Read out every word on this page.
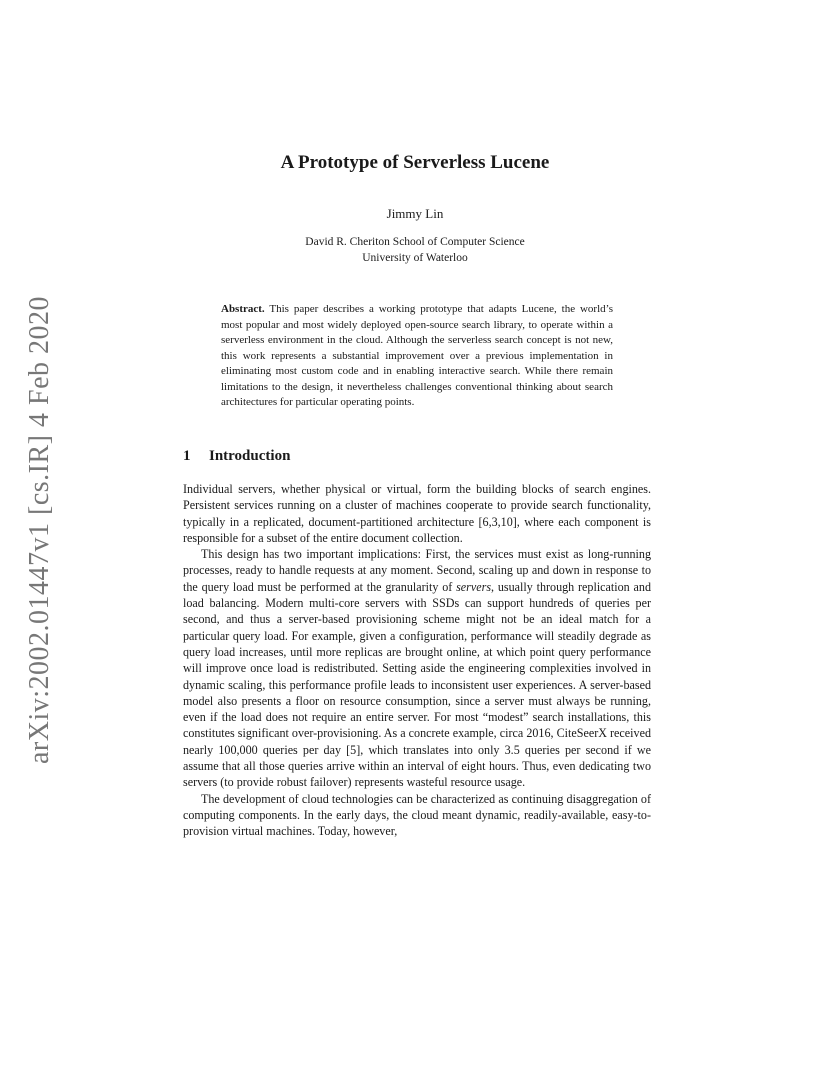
arXiv:2002.01447v1 [cs.IR] 4 Feb 2020
A Prototype of Serverless Lucene
Jimmy Lin
David R. Cheriton School of Computer Science
University of Waterloo
Abstract. This paper describes a working prototype that adapts Lucene, the world’s most popular and most widely deployed open-source search library, to operate within a serverless environment in the cloud. Although the serverless search concept is not new, this work represents a substantial improvement over a previous implementation in eliminating most custom code and in enabling interactive search. While there remain limitations to the design, it nevertheless challenges conventional thinking about search architectures for particular operating points.
1 Introduction

Individual servers, whether physical or virtual, form the building blocks of search engines. Persistent services running on a cluster of machines cooperate to provide search functionality, typically in a replicated, document-partitioned architecture [6,3,10], where each component is responsible for a subset of the entire document collection.

This design has two important implications: First, the services must exist as long-running processes, ready to handle requests at any moment. Second, scaling up and down in response to the query load must be performed at the granularity of servers, usually through replication and load balancing. Modern multi-core servers with SSDs can support hundreds of queries per second, and thus a server-based provisioning scheme might not be an ideal match for a particular query load. For example, given a configuration, performance will steadily degrade as query load increases, until more replicas are brought online, at which point query performance will improve once load is redistributed. Setting aside the engineering complexities involved in dynamic scaling, this performance profile leads to inconsistent user experiences. A server-based model also presents a floor on resource consumption, since a server must always be running, even if the load does not require an entire server. For most “modest” search installations, this constitutes significant over-provisioning. As a concrete example, circa 2016, CiteSeerX received nearly 100,000 queries per day [5], which translates into only 3.5 queries per second if we assume that all those queries arrive within an interval of eight hours. Thus, even dedicating two servers (to provide robust failover) represents wasteful resource usage.

The development of cloud technologies can be characterized as continuing disaggregation of computing components. In the early days, the cloud meant dynamic, readily-available, easy-to-provision virtual machines. Today, however,
